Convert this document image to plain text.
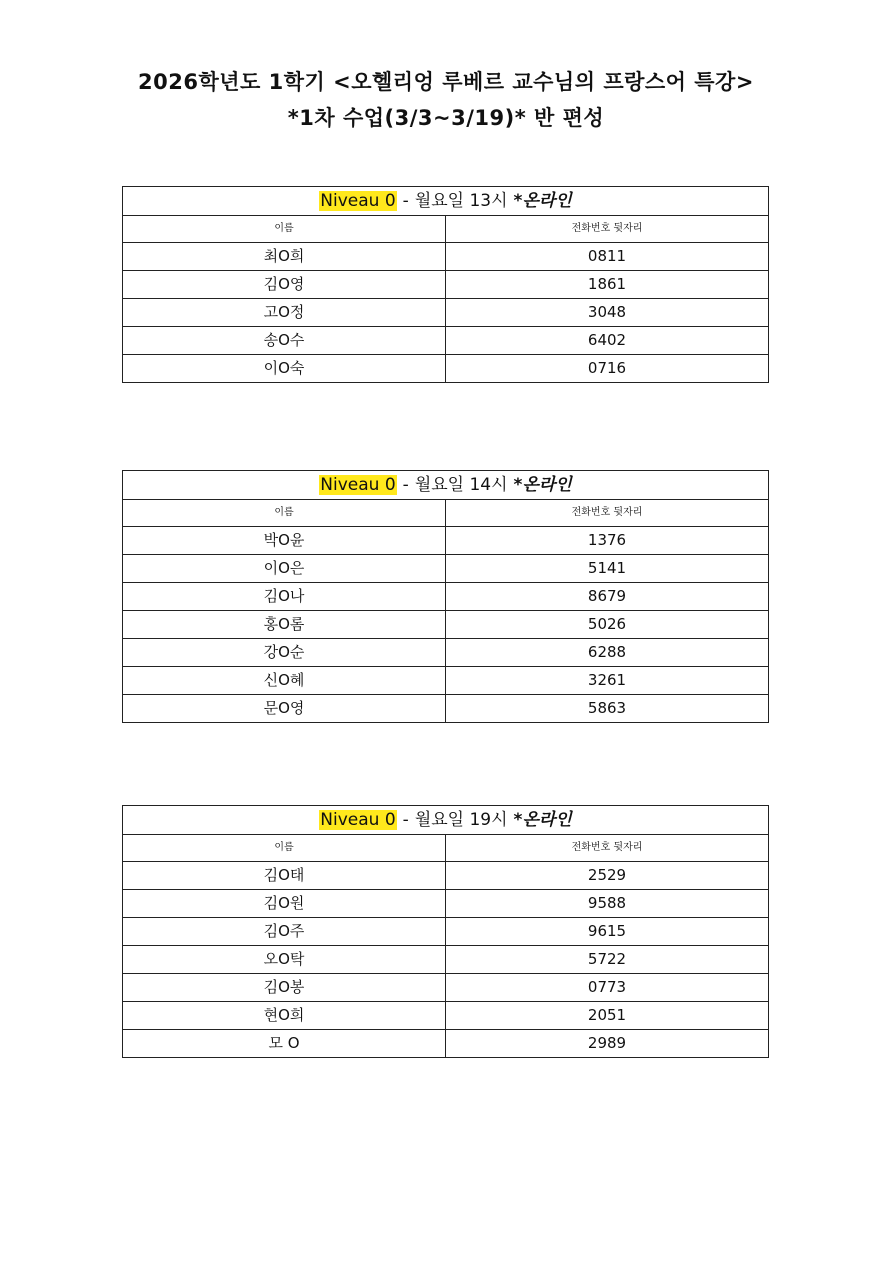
2026학년도 1학기 <오헬리엉 루베르 교수님의 프랑스어 특강>
*1차 수업(3/3~3/19)* 반 편성
Niveau 0 - 월요일 13시 *온라인	
이름	전화번호 뒷자리
최O희	0811
김O영	1861
고O정	3048
송O수	6402
이O숙	0716
Niveau 0 - 월요일 14시 *온라인	
이름	전화번호 뒷자리
박O윤	1376
이O은	5141
김O나	8679
홍O롬	5026
강O순	6288
신O혜	3261
문O영	5863
Niveau 0 - 월요일 19시 *온라인	
이름	전화번호 뒷자리
김O태	2529
김O원	9588
김O주	9615
오O탁	5722
김O봉	0773
현O희	2051
모 O	2989
